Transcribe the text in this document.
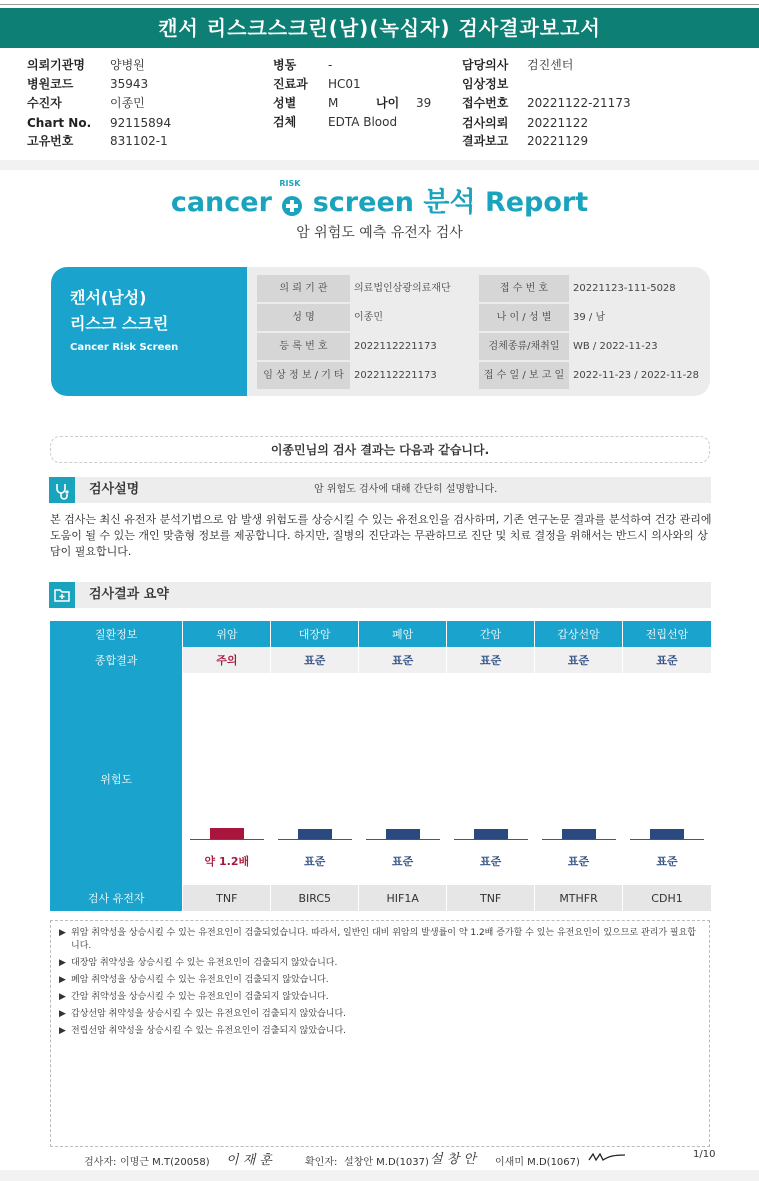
캔서 리스크스크린(남)(녹십자) 검사결과보고서
의뢰기관명 양병원
병원코드	35943
수진자	이종민
Chart No. 92115894
고유번호	831102-1
병동	-
진료과 HC01
성별	M	나이 39
검체	EDTA Blood
담당의사 검진센터
임상정보
접수번호 20221122-21173
검사의뢰 20221122
결과보고 20221129
cancer
RISK
screen 분석 Report
암 위험도 예측 유전자 검사
캔서(남성)
리스크 스크린
Cancer Risk Screen
의 뢰 기 관	의료법인삼광의료재단	접 수 번 호	20221123-111-5028
성 명	이종민	나 이 / 성 별	39 / 남
등 록 번 호	2022112221173	검체종류/채취일	WB / 2022-11-23
임 상 정 보 / 기 타	2022112221173	접 수 일 / 보 고 일 2022-11-23 / 2022-11-28
이종민님의 검사 결과는 다음과 같습니다.
검사설명	암 위험도 검사에 대해 간단히 설명합니다.
본 검사는 최신 유전자 분석기법으로 암 발생 위험도를 상승시킬 수 있는 유전요인을 검사하며, 기존 연구논문 결과를 분석하여 건강 관리에 도움이 될 수 있는 개인 맞춤형 정보를 제공합니다. 하지만, 질병의 진단과는 무관하므로 진단 및 치료 결정을 위해서는 반드시 의사와의 상담이 필요합니다.
검사결과 요약
질환정보	위암	대장암	폐암	간암	갑상선암	전립선암
종합결과	주의	표준	표준	표준	표준	표준
위험도	약 1.2배	표준	표준	표준	표준	표준

검사 유전자	TNF	BIRC5	HIF1A	TNF	MTHFR	CDH1
▶ 위암 취약성을 상승시킬 수 있는 유전요인이 검출되었습니다. 따라서, 일반인 대비 위암의 발생률이 약 1.2배 증가할 수 있는 유전요인이 있으므로 관리가 필요합니다.
▶ 대장암 취약성을 상승시킬 수 있는 유전요인이 검출되지 않았습니다.
▶ 폐암 취약성을 상승시킬 수 있는 유전요인이 검출되지 않았습니다.
▶ 간암 취약성을 상승시킬 수 있는 유전요인이 검출되지 않았습니다.
▶ 갑상선암 취약성을 상승시킬 수 있는 유전요인이 검출되지 않았습니다.
▶ 전립선암 취약성을 상승시킬 수 있는 유전요인이 검출되지 않았습니다.
검사자: 이명근 M.T(20058) 이 재 훈	확인자: 설창안 M.D(1037) 설 창 안 이새미 M.D(1067)
1/10
